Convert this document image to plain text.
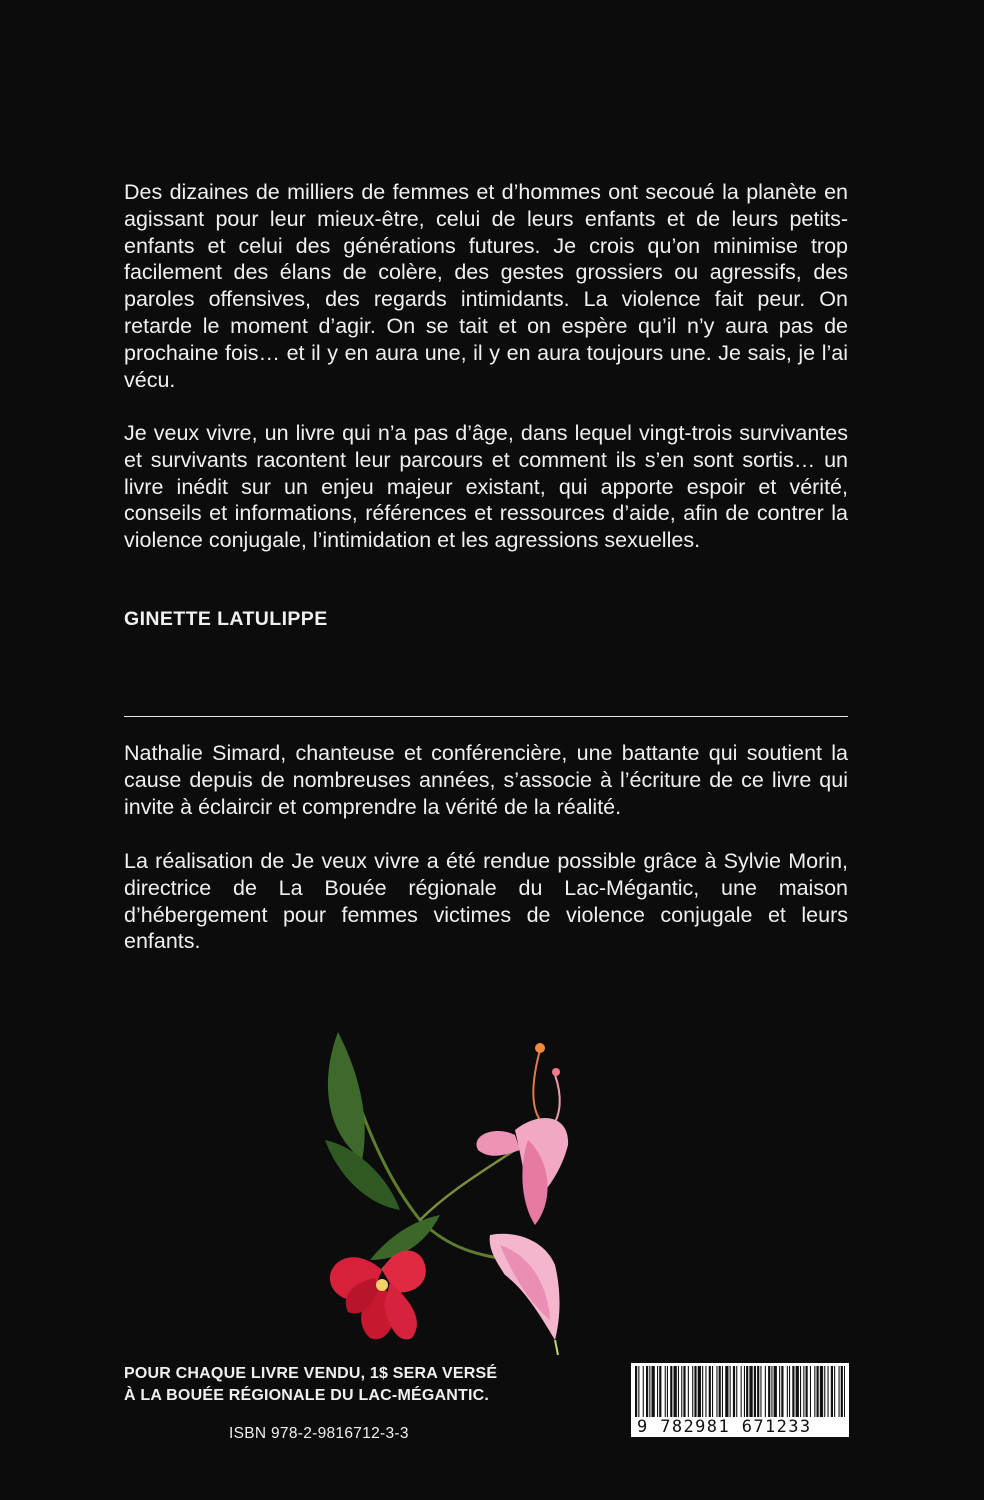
Des dizaines de milliers de femmes et d’hommes ont secoué la planète en agissant pour leur mieux-être, celui de leurs enfants et de leurs petits-enfants et celui des générations futures. Je crois qu’on minimise trop facilement des élans de colère, des gestes grossiers ou agressifs, des paroles offensives, des regards intimidants. La violence fait peur. On retarde le moment d’agir. On se tait et on espère qu’il n’y aura pas de prochaine fois… et il y en aura une, il y en aura toujours une. Je sais, je l’ai vécu.

Je veux vivre, un livre qui n’a pas d’âge, dans lequel vingt-trois survivantes et survivants racontent leur parcours et comment ils s’en sont sortis… un livre inédit sur un enjeu majeur existant, qui apporte espoir et vérité, conseils et informations, références et ressources d’aide, afin de contrer la violence conjugale, l’intimidation et les agressions sexuelles.

GINETTE LATULIPPE

Nathalie Simard, chanteuse et conférencière, une battante qui soutient la cause depuis de nombreuses années, s’associe à l’écriture de ce livre qui invite à éclaircir et comprendre la vérité de la réalité.

La réalisation de Je veux vivre a été rendue possible grâce à Sylvie Morin, directrice de La Bouée régionale du Lac-Mégantic, une maison d’hébergement pour femmes victimes de violence conjugale et leurs enfants.

POUR CHAQUE LIVRE VENDU, 1$ SERA VERSÉ
À LA BOUÉE RÉGIONALE DU LAC-MÉGANTIC.

ISBN 978-2-9816712-3-3	9 782981 671233
